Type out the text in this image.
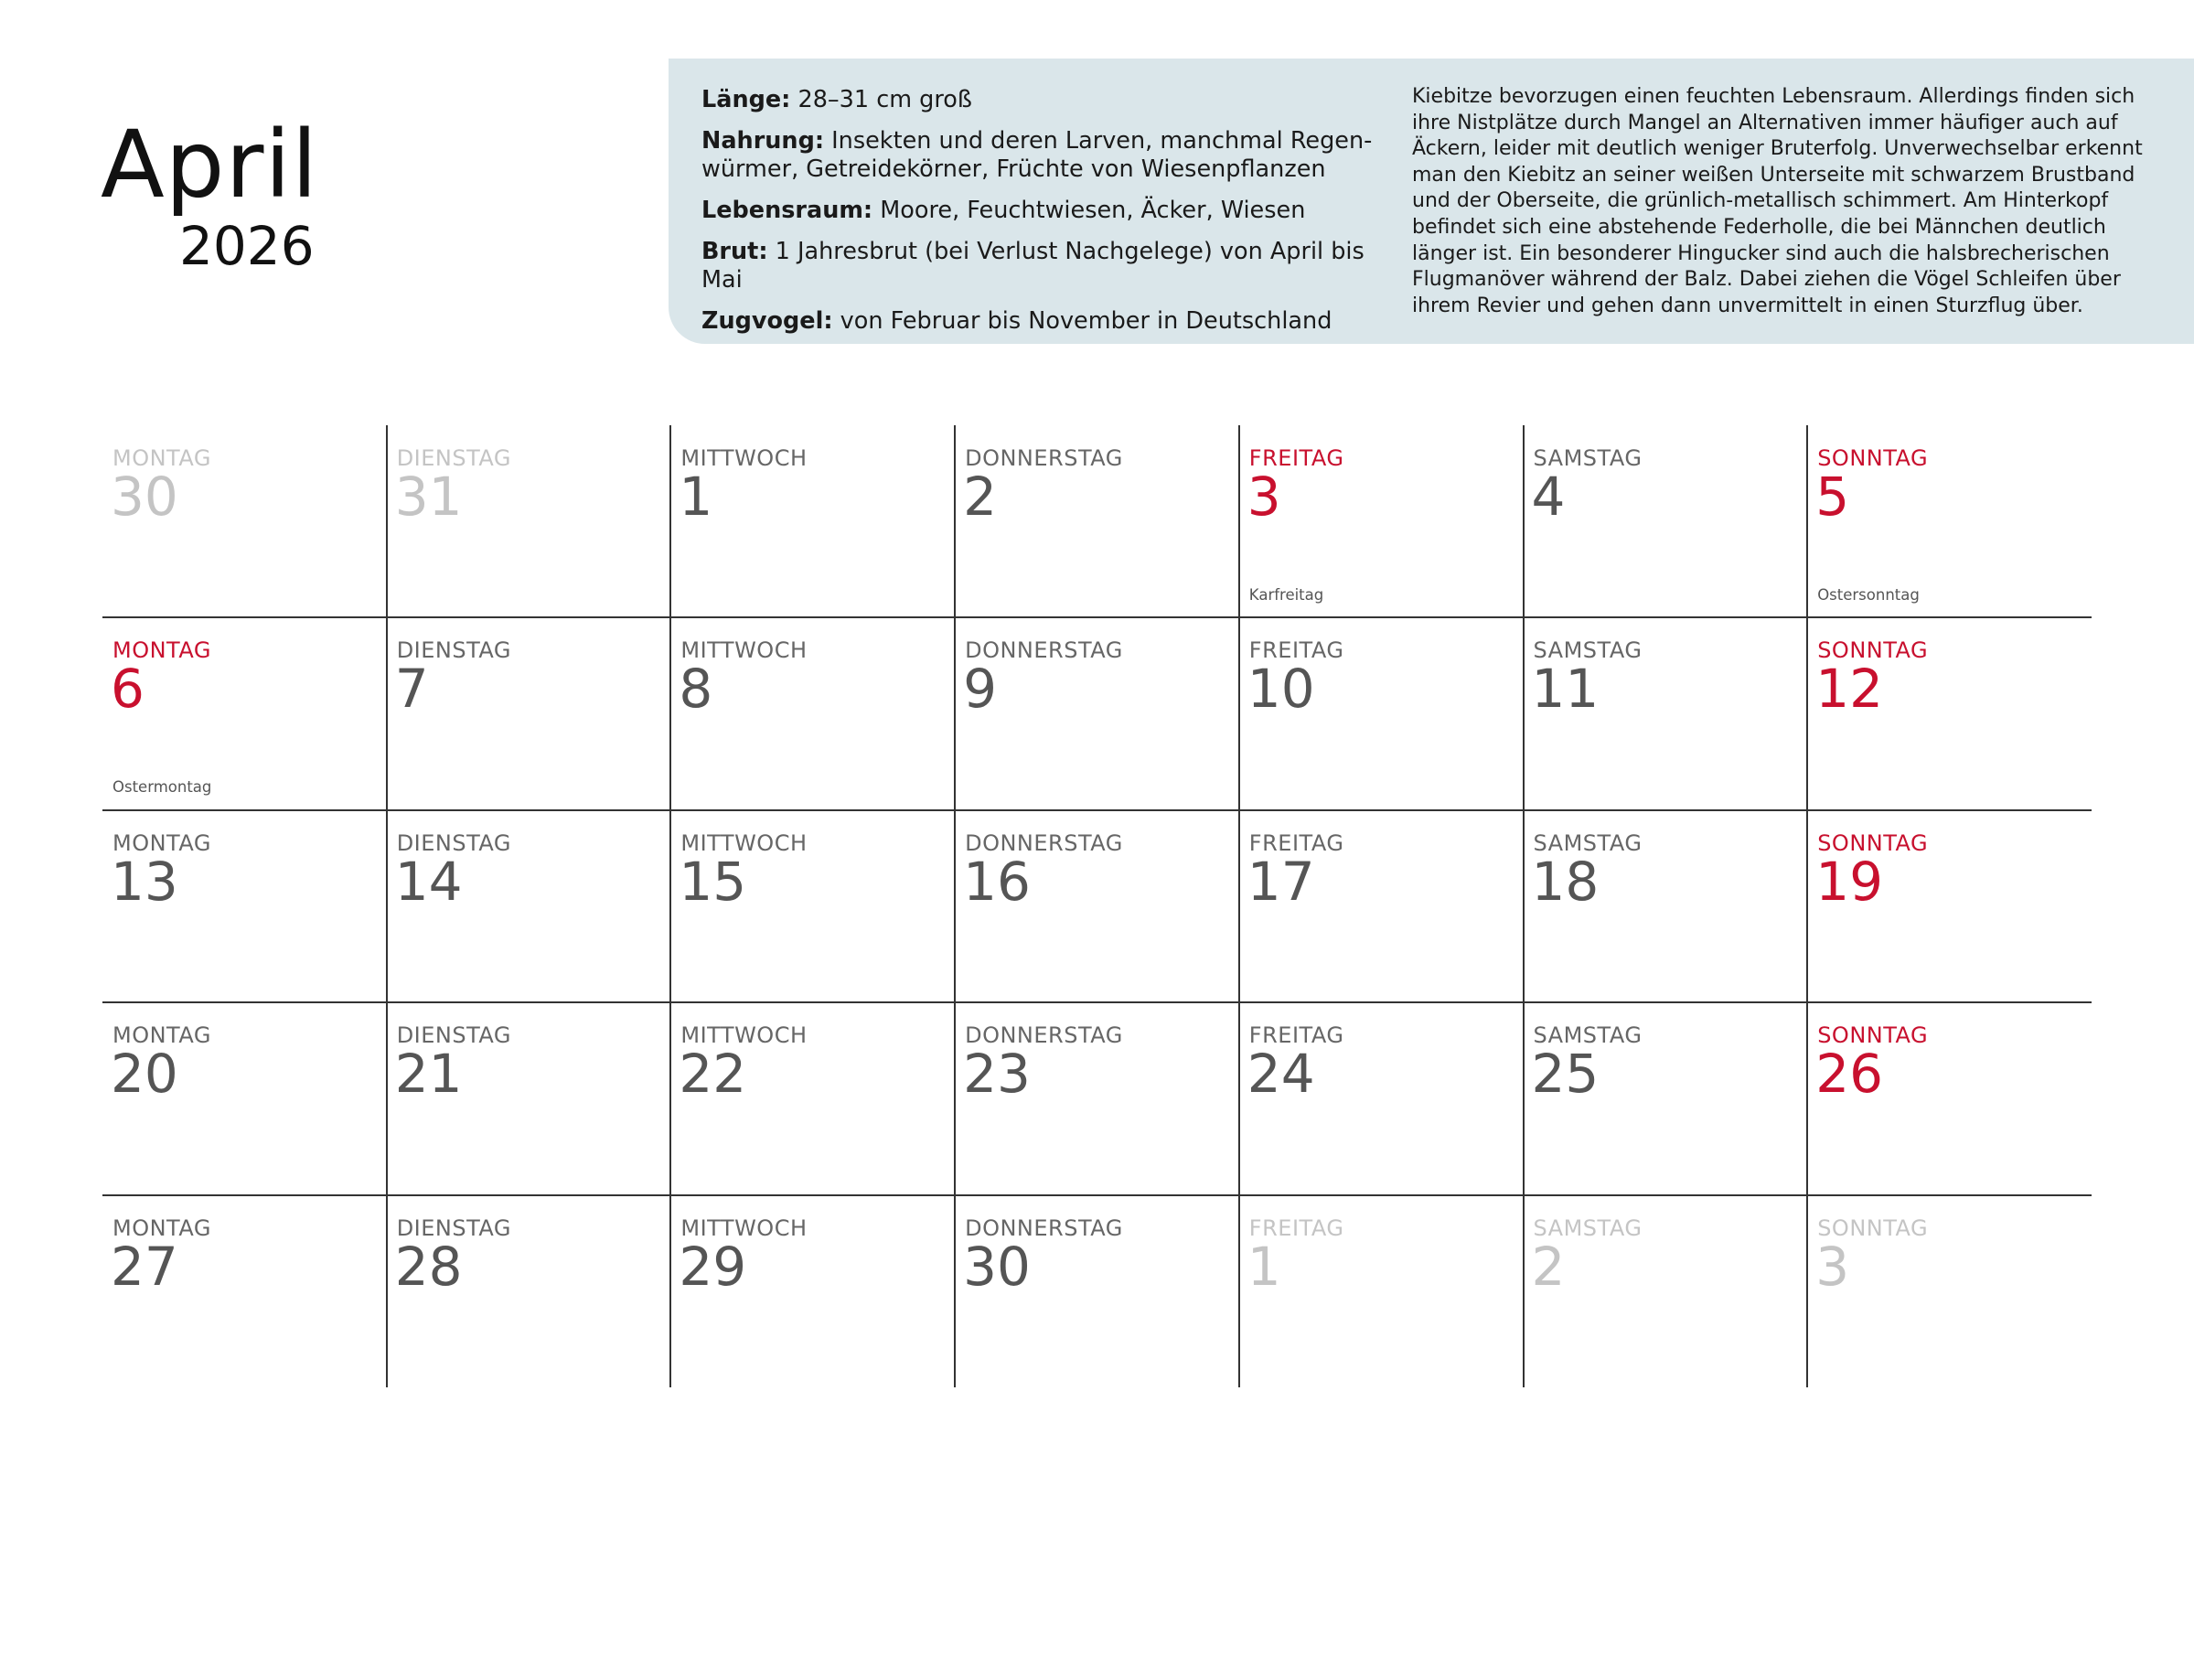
April
2026
Länge: 28–31 cm groß
Nahrung: Insekten und deren Larven, manchmal Regen-würmer, Getreidekörner, Früchte von Wiesenpflanzen
Lebensraum: Moore, Feuchtwiesen, Äcker, Wiesen
Brut: 1 Jahresbrut (bei Verlust Nachgelege) von April bis Mai
Zugvogel: von Februar bis November in Deutschland
Kiebitze bevorzugen einen feuchten Lebensraum. Allerdings finden sich ihre Nistplätze durch Mangel an Alternativen immer häufiger auch auf Äckern, leider mit deutlich weniger Bruterfolg. Unverwechselbar erkennt man den Kiebitz an seiner weißen Unterseite mit schwarzem Brustband und der Oberseite, die grünlich-metallisch schimmert. Am Hinterkopf befindet sich eine abstehende Federholle, die bei Männchen deutlich länger ist. Ein besonderer Hingucker sind auch die halsbrecherischen Flugmanöver während der Balz. Dabei ziehen die Vögel Schleifen über ihrem Revier und gehen dann unvermittelt in einen Sturzflug über.
MONTAG
30
DIENSTAG
31
MITTWOCH
1
DONNERSTAG
2
FREITAG
3
Karfreitag
SAMSTAG
4
SONNTAG
5
Ostersonntag
MONTAG
6
Ostermontag
DIENSTAG
7
MITTWOCH
8
DONNERSTAG
9
FREITAG
10
SAMSTAG
11
SONNTAG
12
MONTAG
13
DIENSTAG
14
MITTWOCH
15
DONNERSTAG
16
FREITAG
17
SAMSTAG
18
SONNTAG
19
MONTAG
20
DIENSTAG
21
MITTWOCH
22
DONNERSTAG
23
FREITAG
24
SAMSTAG
25
SONNTAG
26
MONTAG
27
DIENSTAG
28
MITTWOCH
29
DONNERSTAG
30
FREITAG
1
SAMSTAG
2
SONNTAG
3
